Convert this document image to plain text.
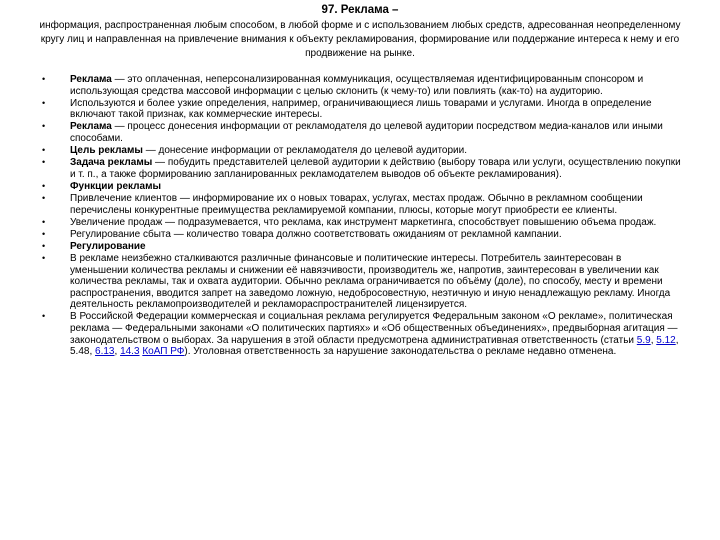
97. Реклама –
информация, распространенная любым способом, в любой форме и с использованием любых средств, адресованная неопределенному кругу лиц и направленная на привлечение внимания к объекту рекламирования, формирование или поддержание интереса к нему и его продвижение на рынке.
• Реклама — это оплаченная, неперсонализированная коммуникация, осуществляемая идентифицированным спонсором и использующая средства массовой информации с целью склонить (к чему-то) или повлиять (как-то) на аудиторию.
• Используются и более узкие определения, например, ограничивающиеся лишь товарами и услугами. Иногда в определение включают такой признак, как коммерческие интересы.
• Реклама — процесс донесения информации от рекламодателя до целевой аудитории посредством медиа-каналов или иными способами.
• Цель рекламы — донесение информации от рекламодателя до целевой аудитории.
• Задача рекламы — побудить представителей целевой аудитории к действию (выбору товара или услуги, осуществлению покупки и т. п., а также формированию запланированных рекламодателем выводов об объекте рекламирования).
• Функции рекламы
• Привлечение клиентов — информирование их о новых товарах, услугах, местах продаж. Обычно в рекламном сообщении перечислены конкурентные преимущества рекламируемой компании, плюсы, которые могут приобрести ее клиенты.
• Увеличение продаж — подразумевается, что реклама, как инструмент маркетинга, способствует повышению объема продаж.
• Регулирование сбыта — количество товара должно соответствовать ожиданиям от рекламной кампании.
• Регулирование
• В рекламе неизбежно сталкиваются различные финансовые и политические интересы. Потребитель заинтересован в уменьшении количества рекламы и снижении её навязчивости, производитель же, напротив, заинтересован в увеличении как количества рекламы, так и охвата аудитории. Обычно реклама ограничивается по объёму (доле), по способу, месту и времени распространения, вводится запрет на заведомо ложную, недобросовестную, неэтичную и иную ненадлежащую рекламу. Иногда деятельность рекламопроизводителей и рекламораспространителей лицензируется.
• В Российской Федерации коммерческая и социальная реклама регулируется Федеральным законом «О рекламе», политическая реклама — Федеральными законами «О политических партиях» и «Об общественных объединениях», предвыборная агитация — законодательством о выборах. За нарушения в этой области предусмотрена административная ответственность (статьи 5.9, 5.12, 5.48, 6.13, 14.3 КоАП РФ). Уголовная ответственность за нарушение законодательства о рекламе недавно отменена.
